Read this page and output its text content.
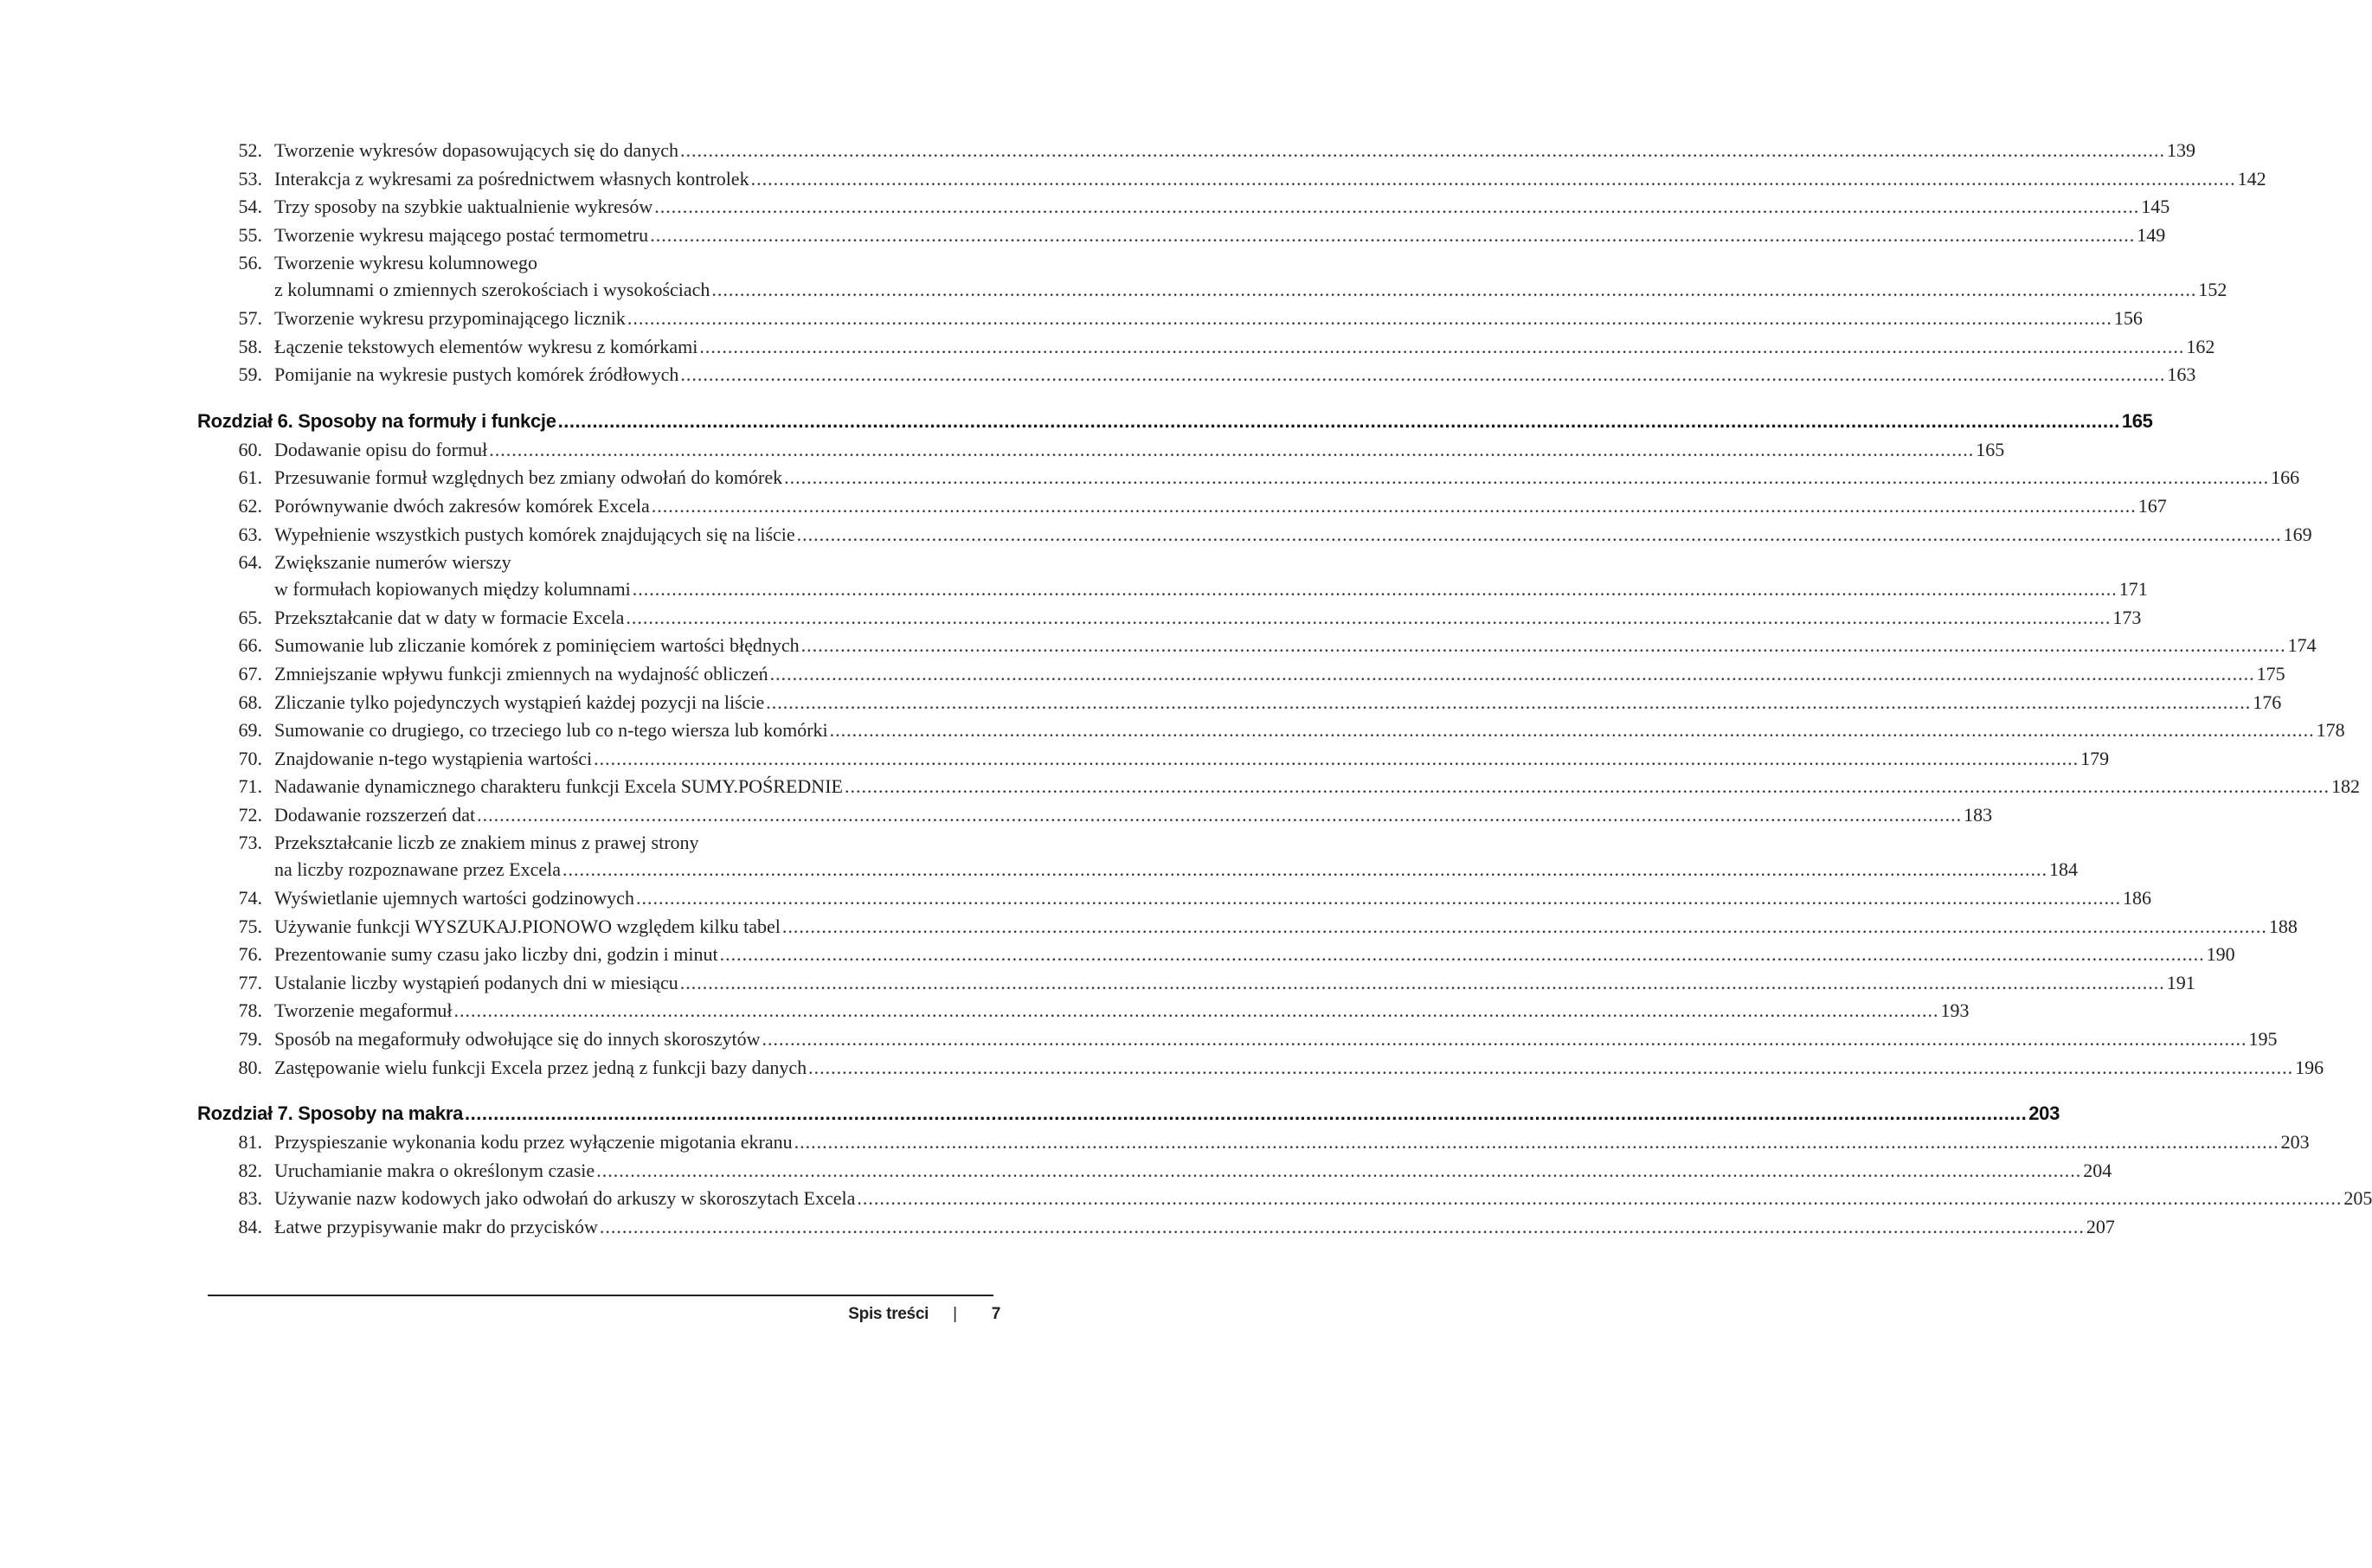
52. Tworzenie wykresów dopasowujących się do danych .....	139
53. Interakcja z wykresami za pośrednictwem własnych kontrolek .....	142
54. Trzy sposoby na szybkie uaktualnienie wykresów .....	145
55. Tworzenie wykresu mającego postać termometru .....	149
56. Tworzenie wykresu kolumnowego
z kolumnami o zmiennych szerokościach i wysokościach .....	152
57. Tworzenie wykresu przypominającego licznik .....	156
58. Łączenie tekstowych elementów wykresu z komórkami .....	162
59. Pomijanie na wykresie pustych komórek źródłowych .....	163
Rozdział 6. Sposoby na formuły i funkcje .....	165
60. Dodawanie opisu do formuł .....	165
61. Przesuwanie formuł względnych bez zmiany odwołań do komórek .....	166
62. Porównywanie dwóch zakresów komórek Excela .....	167
63. Wypełnienie wszystkich pustych komórek znajdujących się na liście .....	169
64. Zwiększanie numerów wierszy
w formułach kopiowanych między kolumnami .....	171
65. Przekształcanie dat w daty w formacie Excela .....	173
66. Sumowanie lub zliczanie komórek z pominięciem wartości błędnych .....	174
67. Zmniejszanie wpływu funkcji zmiennych na wydajność obliczeń .....	175
68. Zliczanie tylko pojedynczych wystąpień każdej pozycji na liście .....	176
69. Sumowanie co drugiego, co trzeciego lub co n-tego wiersza lub komórki .....	178
70. Znajdowanie n-tego wystąpienia wartości .....	179
71. Nadawanie dynamicznego charakteru funkcji Excela SUMY.POŚREDNIE .....	182
72. Dodawanie rozszerzeń dat .....	183
73. Przekształcanie liczb ze znakiem minus z prawej strony
na liczby rozpoznawane przez Excela .....	184
74. Wyświetlanie ujemnych wartości godzinowych .....	186
75. Używanie funkcji WYSZUKAJ.PIONOWO względem kilku tabel .....	188
76. Prezentowanie sumy czasu jako liczby dni, godzin i minut .....	190
77. Ustalanie liczby wystąpień podanych dni w miesiącu .....	191
78. Tworzenie megaformuł .....	193
79. Sposób na megaformuły odwołujące się do innych skoroszytów .....	195
80. Zastępowanie wielu funkcji Excela przez jedną z funkcji bazy danych .....	196
Rozdział 7. Sposoby na makra .....	203
81. Przyspieszanie wykonania kodu przez wyłączenie migotania ekranu .....	203
82. Uruchamianie makra o określonym czasie .....	204
83. Używanie nazw kodowych jako odwołań do arkuszy w skoroszytach Excela .....	205
84. Łatwe przypisywanie makr do przycisków .....	207
Spis treści | 7
